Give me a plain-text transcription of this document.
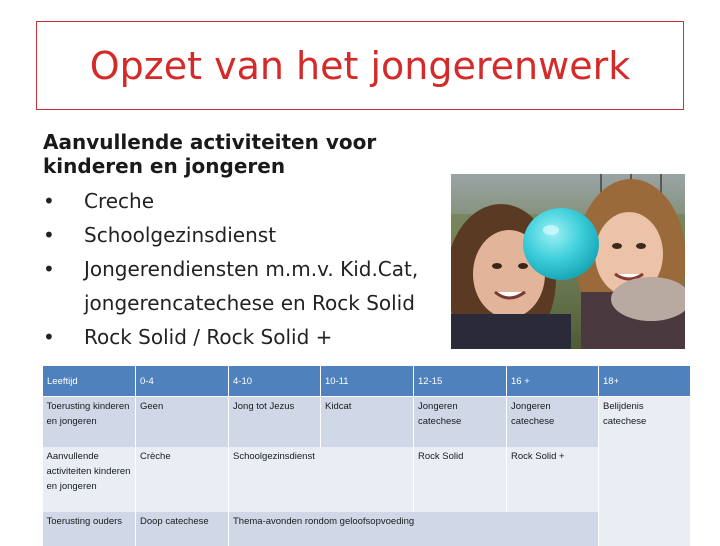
Opzet van het jongerenwerk

Aanvullende activiteiten voor kinderen en jongeren

•	Creche
•	Schoolgezinsdienst
•	Jongerendiensten m.m.v. Kid.Cat, jongerencatechese en Rock Solid
•	Rock Solid / Rock Solid +
Leeftijd	0-4	4-10	10-11	12-15	16 +	18+
Toerusting kinderen en jongeren	Geen	Jong tot Jezus	Kidcat	Jongeren catechese	Jongeren catechese	Belijdenis catechese
Aanvullende activiteiten kinderen en jongeren	Crèche	Schoolgezinsdienst		Rock Solid	Rock Solid +	
Toerusting ouders	Doop catechese	Thema-avonden rondom geloofsopvoeding				
